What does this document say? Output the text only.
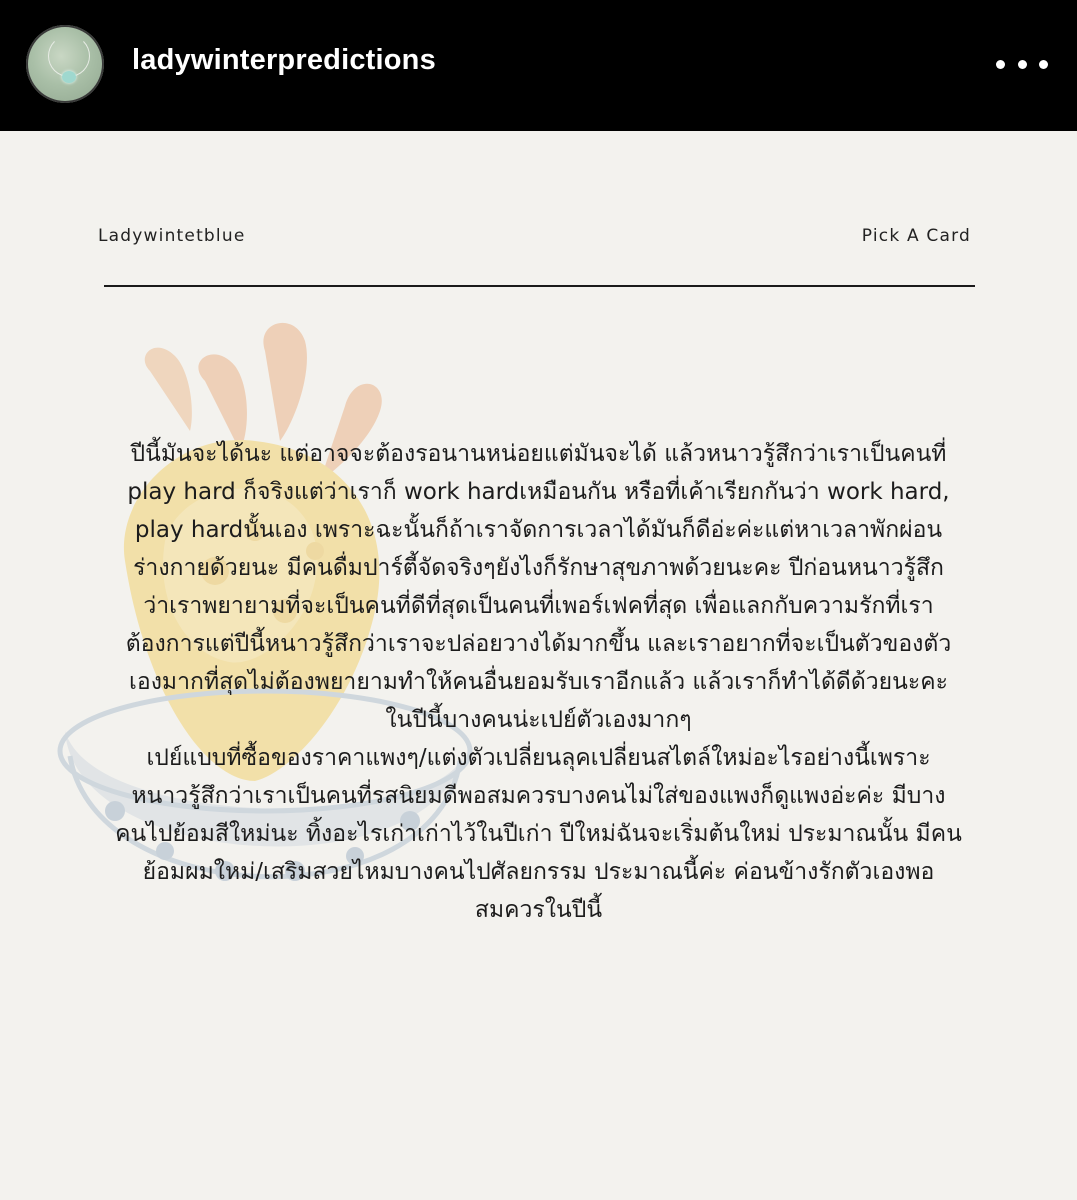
ladywinterpredictions
Ladywintetblue	Pick A Card
ปีนี้มันจะได้นะ แต่อาจจะต้องรอนานหน่อยแต่มันจะได้ แล้วหนาวรู้สึกว่าเราเป็นคนที่
play hard ก็จริงแต่ว่าเราก็ work hardเหมือนกัน หรือที่เค้าเรียกกันว่า work hard,
play hardนั้นเอง เพราะฉะนั้นก็ถ้าเราจัดการเวลาได้มันก็ดีอ่ะค่ะแต่หาเวลาพักผ่อน
ร่างกายด้วยนะ มีคนดื่มปาร์ตี้จัดจริงๆยังไงก็รักษาสุขภาพด้วยนะคะ ปีก่อนหนาวรู้สึก
ว่าเราพยายามที่จะเป็นคนที่ดีที่สุดเป็นคนที่เพอร์เฟคที่สุด เพื่อแลกกับความรักที่เรา
ต้องการแต่ปีนี้หนาวรู้สึกว่าเราจะปล่อยวางได้มากขึ้น และเราอยากที่จะเป็นตัวของตัว
เองมากที่สุดไม่ต้องพยายามทำให้คนอื่นยอมรับเราอีกแล้ว แล้วเราก็ทำได้ดีด้วยนะคะ
ในปีนี้บางคนน่ะเปย์ตัวเองมากๆ
เปย์แบบที่ซื้อของราคาแพงๆ/แต่งตัวเปลี่ยนลุคเปลี่ยนสไตล์ใหม่อะไรอย่างนี้เพราะ
หนาวรู้สึกว่าเราเป็นคนที่รสนิยมดีพอสมควรบางคนไม่ใส่ของแพงก็ดูแพงอ่ะค่ะ มีบาง
คนไปย้อมสีใหม่นะ ทิ้งอะไรเก่าเก่าไว้ในปีเก่า ปีใหม่ฉันจะเริ่มต้นใหม่ ประมาณนั้น มีคน
ย้อมผมใหม่/เสริมสวยไหมบางคนไปศัลยกรรม ประมาณนี้ค่ะ ค่อนข้างรักตัวเองพอ
สมควรในปีนี้
